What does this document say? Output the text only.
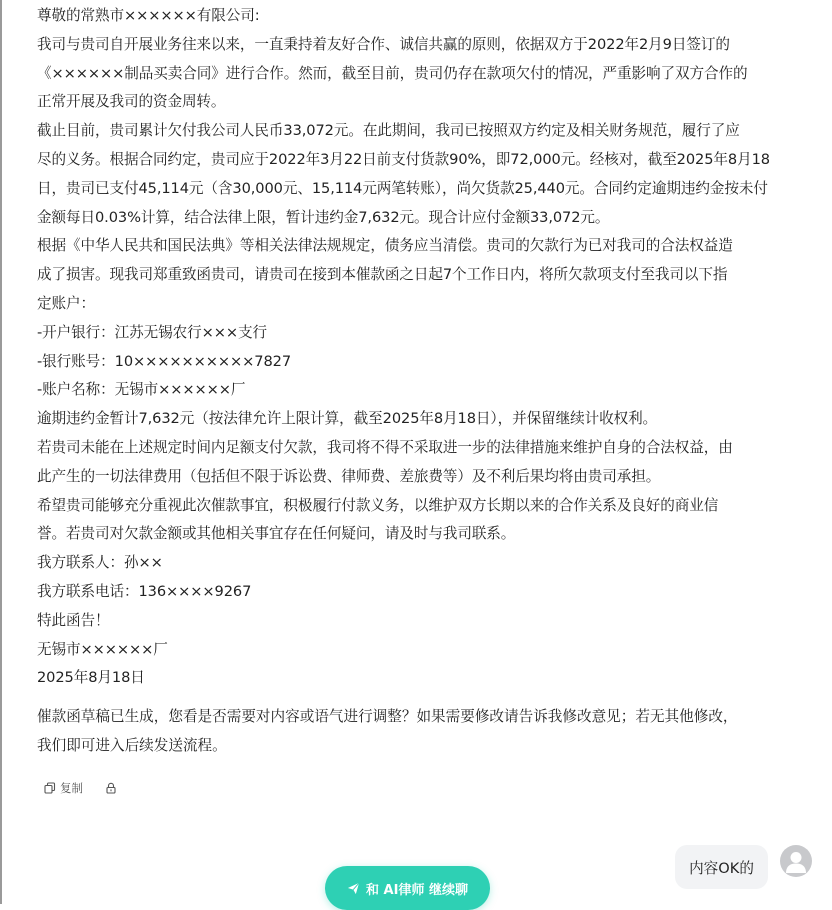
尊敬的常熟市××××××有限公司:

我司与贵司自开展业务往来以来，一直秉持着友好合作、诚信共赢的原则，依据双方于2022年2月9日签订的

《××××××制品买卖合同》进行合作。然而，截至目前，贵司仍存在款项欠付的情况，严重影响了双方合作的

正常开展及我司的资金周转。

截止目前，贵司累计欠付我公司人民币33,072元。在此期间，我司已按照双方约定及相关财务规范，履行了应

尽的义务。根据合同约定，贵司应于2022年3月22日前支付货款90%，即72,000元。经核对，截至2025年8月18

日，贵司已支付45,114元（含30,000元、15,114元两笔转账），尚欠货款25,440元。合同约定逾期违约金按未付

金额每日0.03%计算，结合法律上限，暂计违约金7,632元。现合计应付金额33,072元。

根据《中华人民共和国民法典》等相关法律法规规定，债务应当清偿。贵司的欠款行为已对我司的合法权益造

成了损害。现我司郑重致函贵司，请贵司在接到本催款函之日起7个工作日内，将所欠款项支付至我司以下指

定账户：

-开户银行：江苏无锡农行×××支行

-银行账号：10××××××××××7827

-账户名称：无锡市××××××厂

逾期违约金暂计7,632元（按法律允许上限计算，截至2025年8月18日），并保留继续计收权利。

若贵司未能在上述规定时间内足额支付欠款，我司将不得不采取进一步的法律措施来维护自身的合法权益，由

此产生的一切法律费用（包括但不限于诉讼费、律师费、差旅费等）及不利后果均将由贵司承担。

希望贵司能够充分重视此次催款事宜，积极履行付款义务，以维护双方长期以来的合作关系及良好的商业信

誉。若贵司对欠款金额或其他相关事宜存在任何疑问，请及时与我司联系。

我方联系人：孙××

我方联系电话：136××××9267

特此函告！

无锡市××××××厂

2025年8月18日

催款函草稿已生成，您看是否需要对内容或语气进行调整？如果需要修改请告诉我修改意见；若无其他修改，

我们即可进入后续发送流程。

复制
内容OK的
和 AI律师 继续聊
